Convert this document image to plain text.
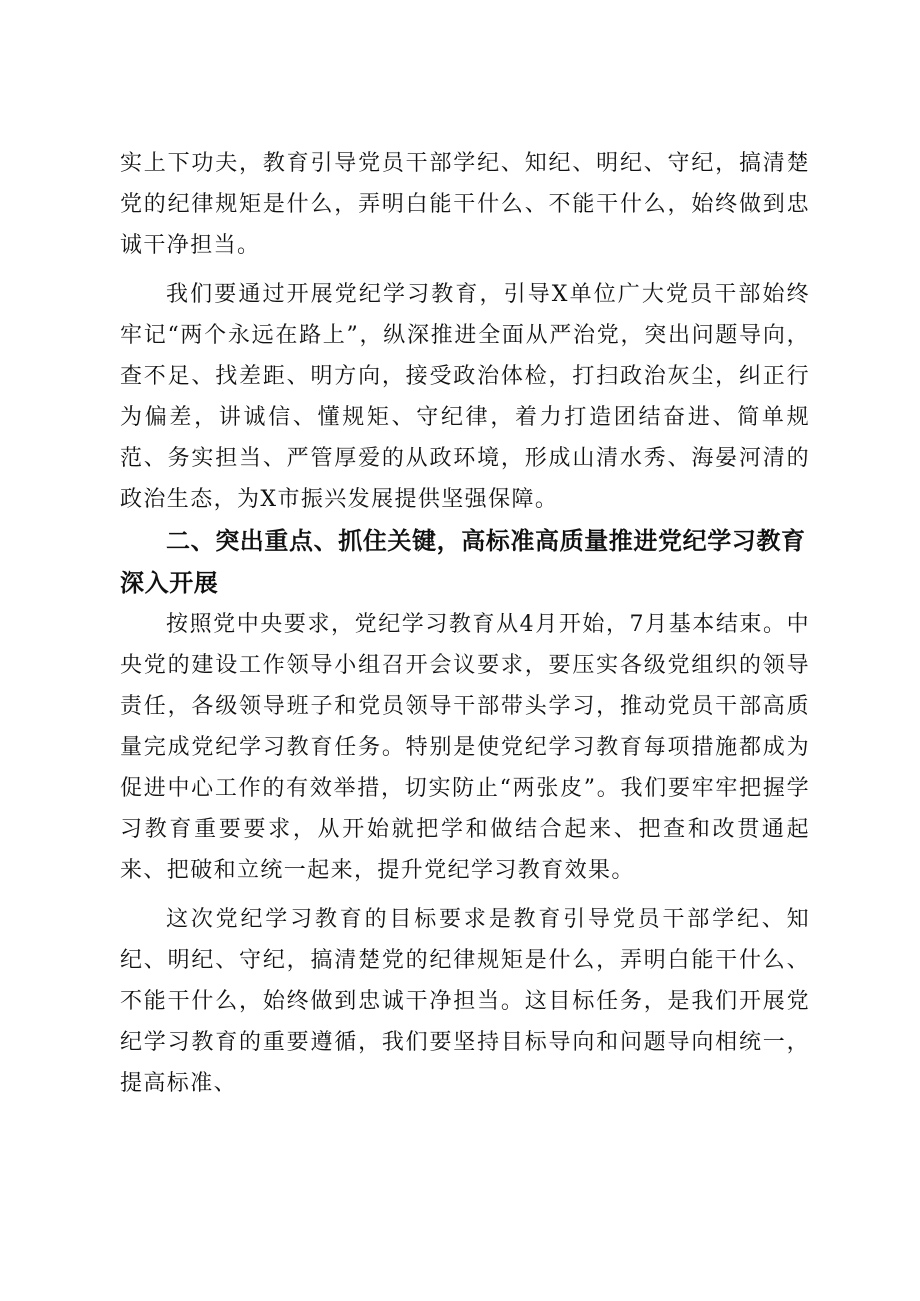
实上下功夫，教育引导党员干部学纪、知纪、明纪、守纪，搞清楚党的纪律规矩是什么，弄明白能干什么、不能干什么，始终做到忠诚干净担当。

我们要通过开展党纪学习教育，引导X单位广大党员干部始终牢记“两个永远在路上”，纵深推进全面从严治党，突出问题导向，查不足、找差距、明方向，接受政治体检，打扫政治灰尘，纠正行为偏差，讲诚信、懂规矩、守纪律，着力打造团结奋进、简单规范、务实担当、严管厚爱的从政环境，形成山清水秀、海晏河清的政治生态，为X市振兴发展提供坚强保障。

二、突出重点、抓住关键，高标准高质量推进党纪学习教育深入开展

按照党中央要求，党纪学习教育从4月开始，7月基本结束。中央党的建设工作领导小组召开会议要求，要压实各级党组织的领导责任，各级领导班子和党员领导干部带头学习，推动党员干部高质量完成党纪学习教育任务。特别是使党纪学习教育每项措施都成为促进中心工作的有效举措，切实防止“两张皮”。我们要牢牢把握学习教育重要要求，从开始就把学和做结合起来、把查和改贯通起来、把破和立统一起来，提升党纪学习教育效果。

这次党纪学习教育的目标要求是教育引导党员干部学纪、知纪、明纪、守纪，搞清楚党的纪律规矩是什么，弄明白能干什么、不能干什么，始终做到忠诚干净担当。这目标任务，是我们开展党纪学习教育的重要遵循，我们要坚持目标导向和问题导向相统一，提高标准、
